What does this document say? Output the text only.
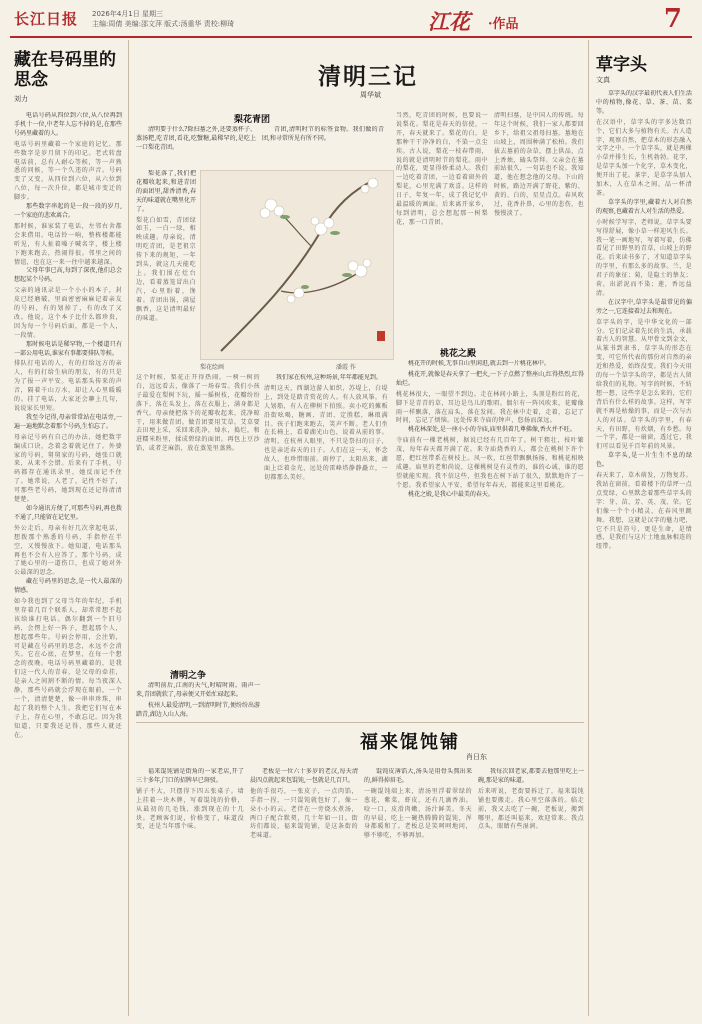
长江日报	2026年4月1日 星期三
主编:周倩 美编:邵文萍 版式:汤重华 责校:柳琦	江花	·作品	7
藏在号码里的思念
刘力
电话号码从四位到六位,从八位再到手机十一位,中老年人忘不掉的是,在那些号码里藏着的人。
电话号码里藏着一个家庭的记忆，那些数字是岁月留下的印记。老式转盘电话前，总有人耐心等候，等一声熟悉的问候，等一个久违的声音。号码变了又变，从四位到六位，从六位到八位，每一次升位，都是城市变迁的脚步。
那些数字串起的是一段一段的岁月,一个家庭的悲欢离合。
那时候，谁家装了电话，左邻右舍都会来借用。电话铃一响，整栋楼都能听见，有人扯着嗓子喊名字，楼上楼下跑来跑去，热闹得很。邻里之间的情谊，也在这一来一往中越来越深。
父母年事已高,每到了深夜,他们总会想起某个号码。
父亲的通讯录是一个小小的本子，封皮已经磨破，里面密密麻麻记着亲友的号码，有的划掉了，有的改了又改。他说，这个本子比什么都珍贵，因为每一个号码后面，都是一个人，一段情。
那时候电话是稀罕物,一个楼道只有一部公用电话,谁家有事都要排队等候。
排队打电话的人，有的打给远方的亲人，有的打给生病的朋友，有的只是为了报一声平安。电话那头传来的声音，隔着千山万水，却让人心里暖暖的。挂了电话，大家还会聊上几句，说说家长里短。
我至今记得,母亲常常站在电话旁,一遍一遍地默念着那个号码,生怕忘了。
母亲记号码有自己的办法，她把数字编成口诀，念着念着就记住了。外婆家的号码，舅舅家的号码，她张口就来，从来不会错。后来有了手机，号码都存在通讯录里，她反而记不住了。她常说，人老了，记性不好了，可那些老号码，她到现在还记得清清楚楚。
如今通讯方便了,可那些号码,再也拨不通了,只能留在记忆里。
外公走后，母亲有好几次拿起电话，想拨那个熟悉的号码，手指停在半空，又慢慢放下。她知道，电话那头再也不会有人应答了。那个号码，成了她心里的一道伤口，也成了她对外公最深的思念。
藏在号码里的思念,是一代人最深的情感。
如今我也到了父母当年的年纪，手机里存着几百个联系人，却常常想不起该给谁打电话。偶尔翻到一个旧号码，会愣上好一阵子，想起那个人，想起那些年。号码会停用，会注销，可是藏在号码里的思念，永远不会消失。它在心底，在梦里，在每一个想念的夜晚。电话号码里藏着的，是我们这一代人的青春，是父母的牵挂，是亲人之间割不断的情。每当夜深人静，那些号码就会浮现在眼前，一个一个，清清楚楚，像一串串珍珠，串起了我的整个人生。我把它们写在本子上，存在心里，不敢忘记。因为我知道，只要我还记得，那些人就还在。
清明三记
周华斌
梨花青团
清明要于什么?除扫墓之外,还要蒸杯子、蒸汤粑,吃青团,看花,吃蟹糖,最稀罕的,是吃上一口梨花青团。
青团,清明时节的标签食物。我们做的青团,和寻常所见有所不同。
梨花落了,我们把花瓣收起来,和进青团的面团里,甜香清香,春天的味道就在嘴里化开了。
梨花白如雪，青团绿如玉，一白一绿，相映成趣。母亲说，清明吃青团，是老祖宗传下来的规矩，一年到头，就这几天能吃上。我们围在灶台边，看着蒸笼冒出白汽，心里盼着，馋着。青团出锅，满屋飘香，这是清明最好的味道。
梨花绘画	潘霞 作
这个时候，梨花正开得热闹，一树一树的白，远远看去，像落了一场春雪。我们小孩子最爱在梨树下玩，摇一摇树枝，花瓣纷纷落下，落在头发上，落在衣服上，满身都是香气。母亲便把落下的花瓣收起来，洗净晾干，用来做青团。做青团要用艾草，艾草要去田埂上采，采回来洗净，焯水，捣烂，和进糯米粉里，揉成碧绿的面团。再包上豆沙馅，或者芝麻馅，放在蒸笼里蒸熟。
清明之争
清明前后,江南的天气,时晴时雨。雨声一来,青团就软了,母亲便又开始忙碌起来。
杭州人最爱清明,一到清明时节,便纷纷出游踏青,湖边人山人海。
我们家在杭州,这种场景,年年都能见到。
清明这天，西湖边游人如织，苏堤上，白堤上，到处是踏青赏花的人。有人放风筝，有人划船，有人在柳树下拍照。卖小吃的摊贩沿街吆喝，糖画、青团、定胜糕，琳琅满目。孩子们跑来跑去，笑声不断。老人们坐在长椅上，看着湖光山色，说着从前的事。清明，在杭州人眼里，不只是祭扫的日子，也是亲近春天的日子。人们在这一天，怀念故人，也珍惜眼前。雨停了，太阳出来，湖面上泛着金光，远处的雷峰塔静静矗立，一切都那么美好。
桃花之殿
当然，吃青团的时候，也要说一说梨花。梨花是春天的信使，一开，春天就来了。梨花的白，是那种干干净净的白，不染一点尘埃。古人说，梨花一枝春带雨，说的就是清明时节的梨花。雨中的梨花，更显得娇柔动人。我们一边吃着青团，一边看着窗外的梨花，心里充满了欢喜。这样的日子，年复一年，成了我记忆中最温暖的画面。后来离开家乡，每到清明，总会想起那一树梨花，那一口青团。
清明扫墓，是中国人的传统。每年这个时候，我们一家人都要回乡下，给祖父祖母扫墓。墓地在山坡上，周围种满了松柏。我们拔去墓前的杂草，摆上供品，点上香烛，磕头祭拜。父亲会在墓前站很久，一句话也不说。我知道，他在想念他的父母。下山的时候，路边开满了野花，紫的、黄的、白的，星星点点。春风吹过，花香扑鼻，心里的悲伤，也慢慢淡了。
桃花开的时候,无事自山里闲逛,就去到一片桃花林中。
桃花开,就像是春天拿了一把火,一下子点燃了整座山,红得热烈,红得灿烂。
桃花林很大，一眼望不到边。走在林间小路上，头顶是粉红的花，脚下是青青的草，耳边是鸟儿的歌唱。偶尔有一阵风吹来，花瓣像雨一样飘落，落在肩头，落在发间。我在林中走着，走着，忘记了时间，忘记了烦恼。远处传来寺庙的钟声，悠扬而深远。
桃花林深处,是一座小小的寺庙,庙里供着几尊佛像,香火并不旺。
寺庙前有一棵老桃树，据说已经有几百年了。树干粗壮，枝叶繁茂，每年春天都开满了花。来寺庙烧香的人，都会在桃树下许个愿，把红丝带系在树枝上。风一吹，红丝带飘飘扬扬，和桃花相映成趣。庙里的老和尚说，这棵桃树是有灵性的，谁的心诚，谁的愿望就能实现。我不信这些，但我也在树下站了很久，默默地许了一个愿。我希望家人平安，希望每年春天，都能来这里看桃花。
桃花之殿,是我心中最美的春天。
福来馄饨铺
肖日东
福来馄饨铺是街角的一家老店,开了三十多年,门口的招牌早已斑驳。
铺子不大，只摆得下四五张桌子。墙上挂着一块木牌，写着馄饨的价格，从最初的几毛钱，涨到现在的十几块。老顾客们说，价格变了，味道没变，还是当年那个味。
老板是一位六十多岁的老汉,每天清晨四点就起来包馄饨,一包就是几百只。
他的手很巧，一张皮子，一点肉馅，手指一捏，一只馄饨就包好了，像一朵小小的云。老伴在一旁烧水煮汤，两口子配合默契，几十年如一日。街坊们都说，福来馄饨铺，是这条街的老味道。
馄饨皮薄馅大,汤头是用骨头熬出来的,鲜得掉眉毛。
一碗馄饨端上来，清汤里浮着翠绿的葱花，紫菜，虾皮，还有几滴香油。咬一口，皮滑肉嫩，汤汁鲜美。冬天的早晨，吃上一碗热腾腾的馄饨，浑身都暖和了。老板总是笑呵呵地问，够不够吃，不够再加。
我每次回老家,都要去他那里吃上一碗,那是家的味道。
后来听说，老街要拆迁了，福来馄饨铺也要搬走。我心里空落落的。临走前，我又去吃了一碗，老板说，搬到哪里，都还叫福来，欢迎常来。我点点头，眼睛有些湿润。
草字头
文真
草字头的汉字最初代表人们生活中的植物,像花、草、茶、苗、菜等。
在汉语中，草字头的字多达数百个，它们大多与植物有关。古人造字，观察自然，把草木的形态融入文字之中。一个草字头，就是两棵小草并排生长，生机勃勃。花字，是草字头加一个化字，草木变化，便开出了花。茶字，是草字头加人加木，人在草木之间，品一杯清茶。
草字头的字里,藏着古人对自然的观察,也藏着古人对生活的热爱。
小时候学写字，老师说，草字头要写得舒展，像小草一样迎风生长。我一笔一画地写，写着写着，仿佛看见了田野里的青草，山坡上的野花。后来读书多了，才知道草字头的字里，有那么多的故事。兰，是君子的象征；菊，是隐士的挚友；荷，出淤泥而不染；莲，香远益清。
在汉字中,草字头是最常见的偏旁之一,它连接着过去和现在。
草字头的字，是中华文化的一部分。它们记录着先民的生活，承载着古人的智慧。从甲骨文到金文，从篆书到隶书，草字头的形态在变，可它所代表的那份对自然的亲近和热爱，始终没变。我们今天用的每一个草字头的字，都是古人留给我们的礼物。写字的时候，不妨想一想，这些字是怎么来的，它们背后有什么样的故事。这样，写字就不再是枯燥的事，而是一次与古人的对话。草字头的字里，有春天，有田野，有炊烟，有乡愁。每一个字，都是一扇窗，透过它，我们可以看见千百年前的风景。
草字头,是一片生生不息的绿色。
春天来了，草木萌发，万物复苏。我站在窗前，看着楼下的草坪一点点变绿，心里默念着那些草字头的字：芽、苗、芳、英、茂、荣。它们像一个个小精灵，在春风里跳舞。我想，这就是汉字的魅力吧，它不只是符号，更是生命，是情感，是我们与这片土地血脉相连的纽带。
